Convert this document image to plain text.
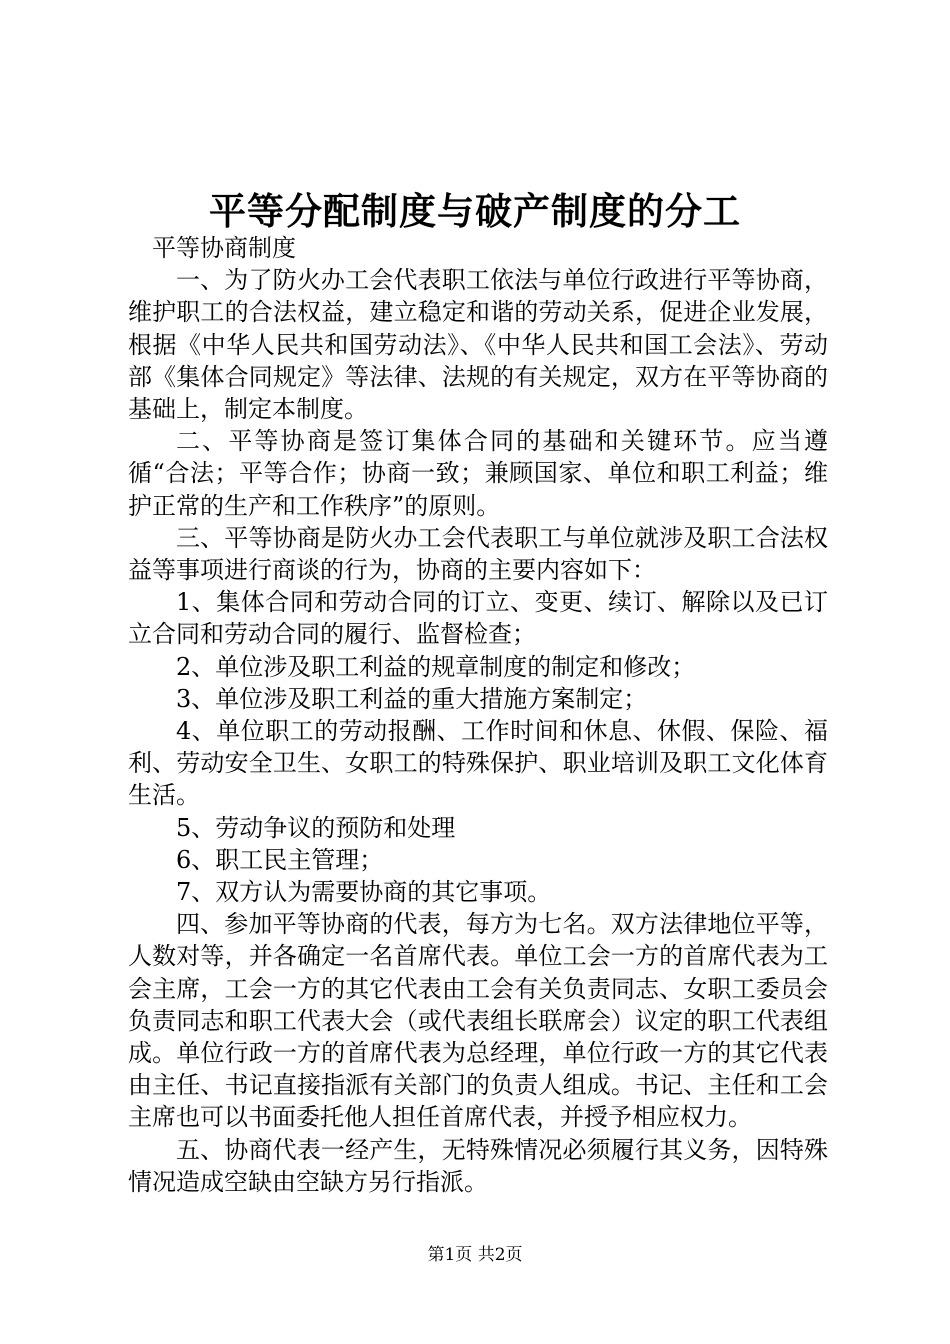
平等分配制度与破产制度的分工

平等协商制度

一、为了防火办工会代表职工依法与单位行政进行平等协商，维护职工的合法权益，建立稳定和谐的劳动关系，促进企业发展，根据《中华人民共和国劳动法》、《中华人民共和国工会法》、劳动部《集体合同规定》等法律、法规的有关规定，双方在平等协商的基础上，制定本制度。

二、平等协商是签订集体合同的基础和关键环节。应当遵循“合法；平等合作；协商一致；兼顾国家、单位和职工利益；维护正常的生产和工作秩序”的原则。

三、平等协商是防火办工会代表职工与单位就涉及职工合法权益等事项进行商谈的行为，协商的主要内容如下：

1、集体合同和劳动合同的订立、变更、续订、解除以及已订立合同和劳动合同的履行、监督检查；

2、单位涉及职工利益的规章制度的制定和修改；

3、单位涉及职工利益的重大措施方案制定；

4、单位职工的劳动报酬、工作时间和休息、休假、保险、福利、劳动安全卫生、女职工的特殊保护、职业培训及职工文化体育生活。

5、劳动争议的预防和处理

6、职工民主管理；

7、双方认为需要协商的其它事项。

四、参加平等协商的代表，每方为七名。双方法律地位平等，人数对等，并各确定一名首席代表。单位工会一方的首席代表为工会主席，工会一方的其它代表由工会有关负责同志、女职工委员会负责同志和职工代表大会（或代表组长联席会）议定的职工代表组成。单位行政一方的首席代表为总经理，单位行政一方的其它代表由主任、书记直接指派有关部门的负责人组成。书记、主任和工会主席也可以书面委托他人担任首席代表，并授予相应权力。

五、协商代表一经产生，无特殊情况必须履行其义务，因特殊情况造成空缺由空缺方另行指派。

第1页 共2页
